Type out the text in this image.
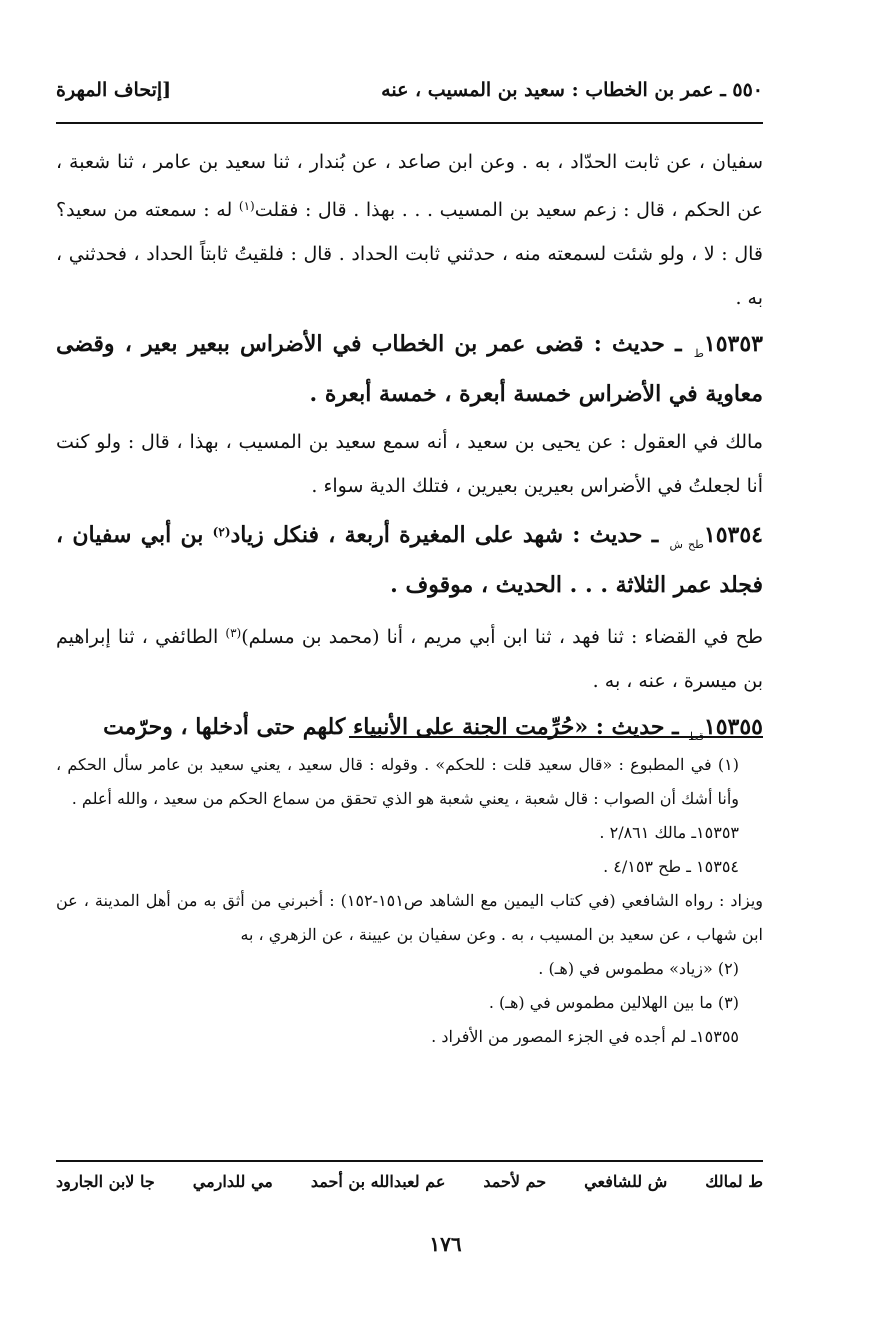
٥٥٠ ـ عمر بن الخطاب : سعيد بن المسيب ، عنه
[إتحاف المهرة

سفيان ، عن ثابت الحدّاد ، به . وعن ابن صاعد ، عن بُندار ، ثنا سعيد بن عامر ، ثنا شعبة ، عن الحكم ، قال : زعم سعيد بن المسيب . . . بهذا . قال : فقلت$^{(١)}$ له : سمعته من سعيد؟ قال : لا ، ولو شئت لسمعته منه ، حدثني ثابت الحداد . قال : فلقيتُ ثابتاً الحداد ، فحدثني ، به .

$١٥٣٥٣_ط$ ـ حديث : قضى عمر بن الخطاب في الأضراس ببعير بعير ، وقضى معاوية في الأضراس خمسة أبعرة ، خمسة أبعرة .

مالك في العقول : عن يحيى بن سعيد ، أنه سمع سعيد بن المسيب ، بهذا ، قال : ولو كنت أنا لجعلتُ في الأضراس بعيرين بعيرين ، فتلك الدية سواء .

$١٥٣٥٤_{طح ش}$ ـ حديث : شهد على المغيرة أربعة ، فنكل زياد$^{(٢)}$ بن أبي سفيان ، فجلد عمر الثلاثة . . . الحديث ، موقوف .

طح في القضاء : ثنا فهد ، ثنا ابن أبي مريم ، أنا (محمد بن مسلم)$^{(٣)}$ الطائفي ، ثنا إبراهيم بن ميسرة ، عنه ، به .

$١٥٣٥٥_{قط}$ ـ حديث : «حُرِّمت الجنة على الأنبياء كلهم حتى أدخلها ، وحرّمت

(١) في المطبوع : «قال سعيد قلت : للحكم» . وقوله : قال سعيد ، يعني سعيد بن عامر سأل الحكم ، وأنا أشك أن الصواب : قال شعبة ، يعني شعبة هو الذي تحقق من سماع الحكم من سعيد ، والله أعلم .

١٥٣٥٣ـ مالك ٢/٨٦١ .

١٥٣٥٤ ـ طح ٤/١٥٣ .

ويزاد : رواه الشافعي (في كتاب اليمين مع الشاهد ص١٥١-١٥٢) : أخبرني من أثق به من أهل المدينة ، عن ابن شهاب ، عن سعيد بن المسيب ، به . وعن سفيان بن عيينة ، عن الزهري ، به

(٢) «زياد» مطموس في (هـ) .

(٣) ما بين الهلالين مطموس في (هـ) .

١٥٣٥٥ـ لم أجده في الجزء المصور من الأفراد .

ط لمالك
ش للشافعي
حم لأحمد
عم لعبدالله بن أحمد
مي للدارمي
جا لابن الجارود
١٧٦
